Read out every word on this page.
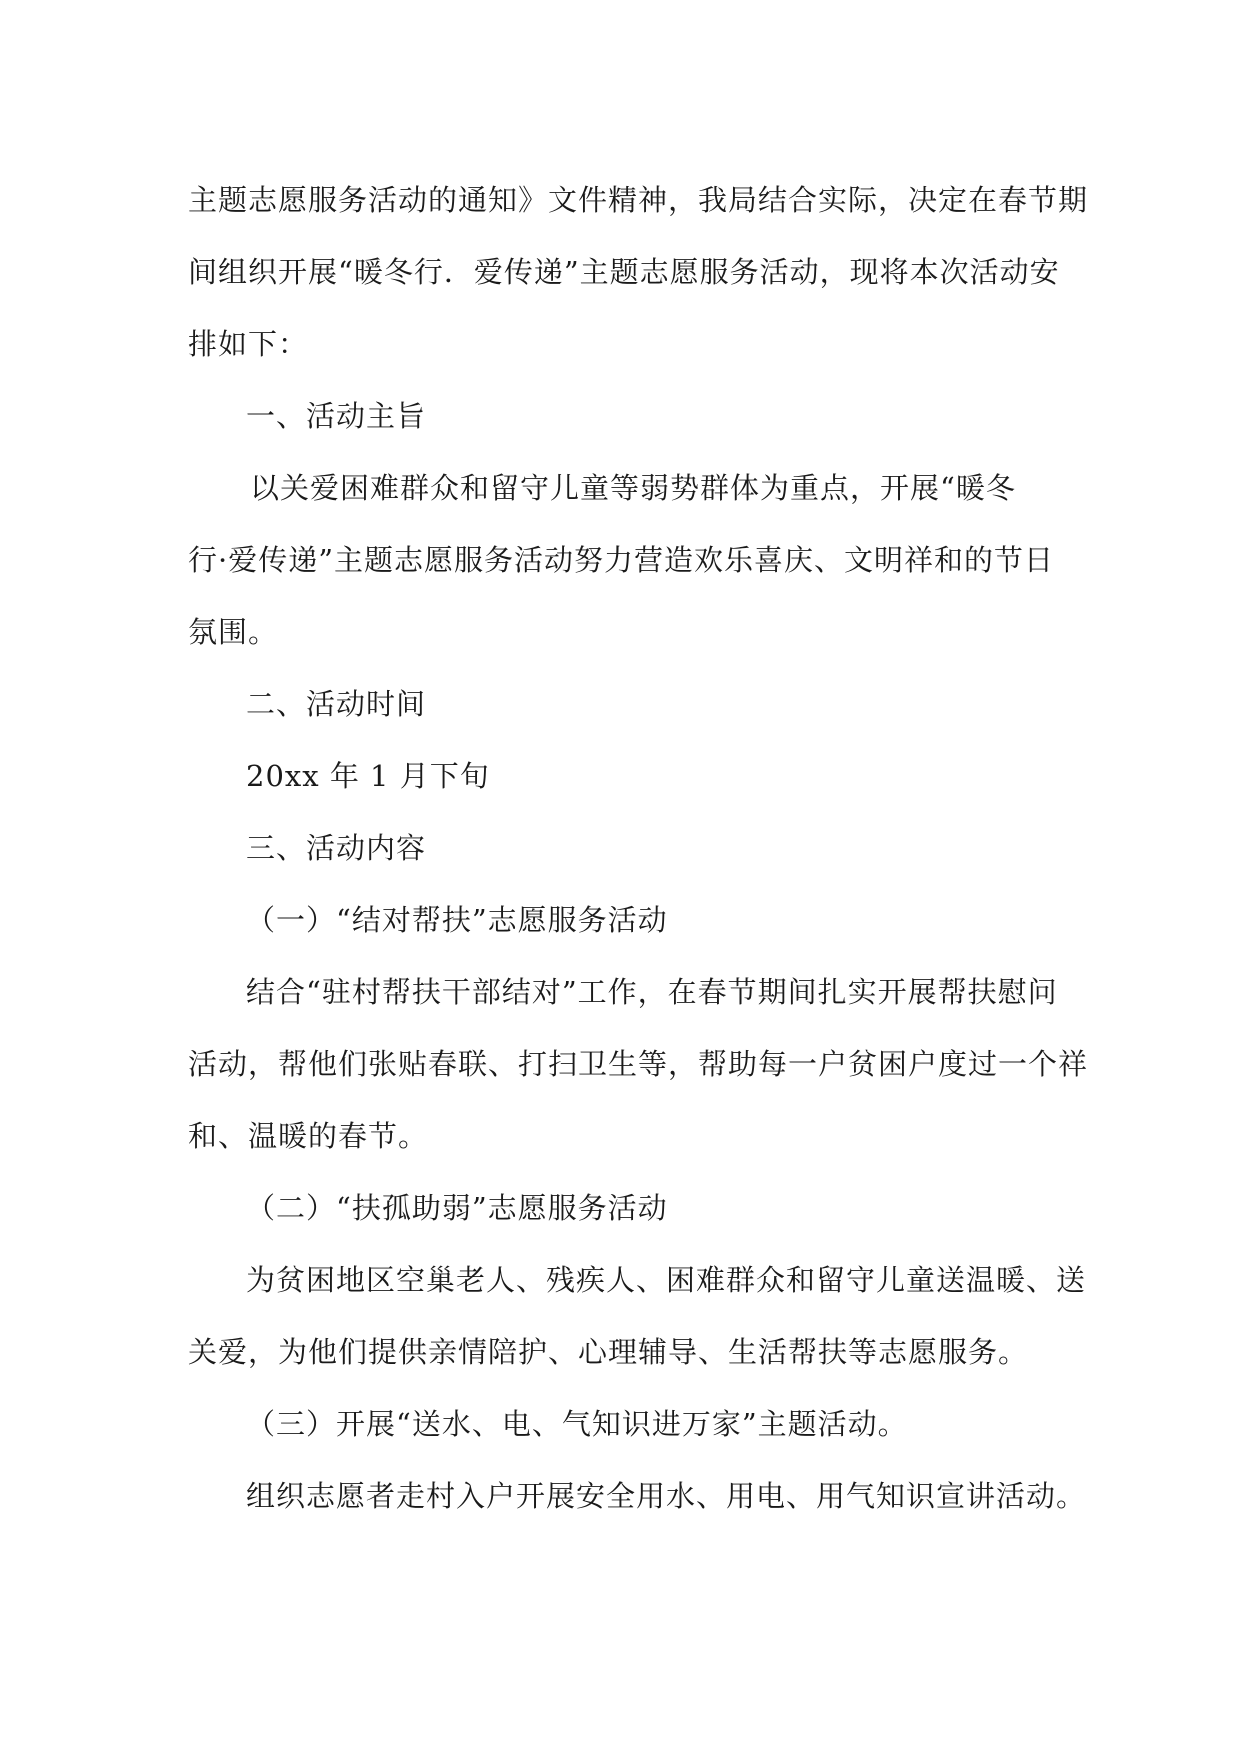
主题志愿服务活动的通知》文件精神，我局结合实际，决定在春节期
间组织开展“暖冬行．爱传递”主题志愿服务活动，现将本次活动安
排如下：
一、活动主旨
以关爱困难群众和留守儿童等弱势群体为重点，开展“暖冬
行·爱传递”主题志愿服务活动努力营造欢乐喜庆、文明祥和的节日
氛围。
二、活动时间
20xx 年 1 月下旬
三、活动内容
（一）“结对帮扶”志愿服务活动
结合“驻村帮扶干部结对”工作，在春节期间扎实开展帮扶慰问
活动，帮他们张贴春联、打扫卫生等，帮助每一户贫困户度过一个祥
和、温暖的春节。
（二）“扶孤助弱”志愿服务活动
为贫困地区空巢老人、残疾人、困难群众和留守儿童送温暖、送
关爱，为他们提供亲情陪护、心理辅导、生活帮扶等志愿服务。
（三）开展“送水、电、气知识进万家”主题活动。
组织志愿者走村入户开展安全用水、用电、用气知识宣讲活动。
